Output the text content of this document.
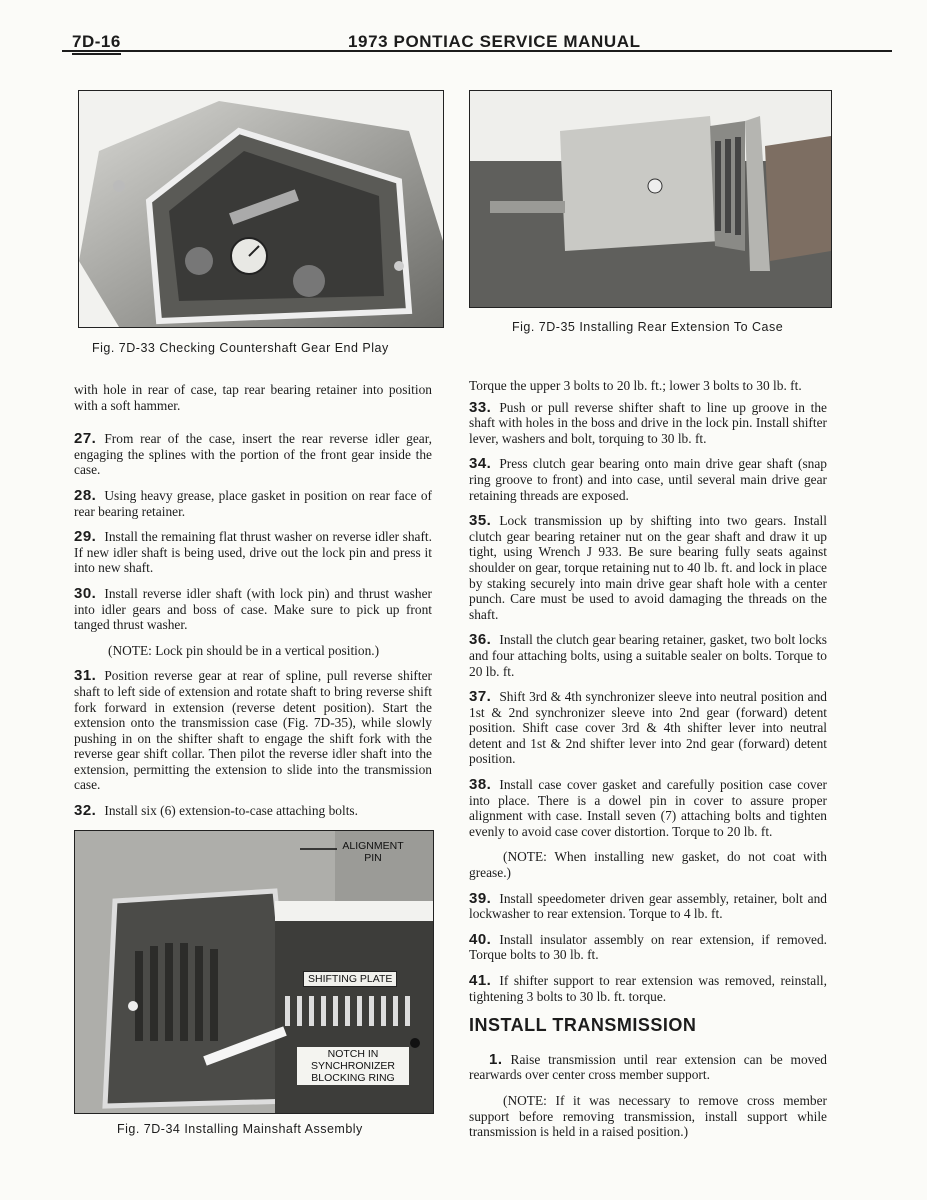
7D-16	1973 PONTIAC SERVICE MANUAL
Fig. 7D-33 Checking Countershaft Gear End Play
Fig. 7D-35 Installing Rear Extension To Case
ALIGNMENT PIN
SHIFTING PLATE
NOTCH IN SYNCHRONIZER BLOCKING RING
Fig. 7D-34 Installing Mainshaft Assembly

with hole in rear of case, tap rear bearing retainer into position with a soft hammer.

27. From rear of the case, insert the rear reverse idler gear, engaging the splines with the portion of the front gear inside the case.

28. Using heavy grease, place gasket in position on rear face of rear bearing retainer.

29. Install the remaining flat thrust washer on reverse idler shaft. If new idler shaft is being used, drive out the lock pin and press it into new shaft.

30. Install reverse idler shaft (with lock pin) and thrust washer into idler gears and boss of case. Make sure to pick up front tanged thrust washer.

(NOTE: Lock pin should be in a vertical position.)

31. Position reverse gear at rear of spline, pull reverse shifter shaft to left side of extension and rotate shaft to bring reverse shift fork forward in extension (reverse detent position). Start the extension onto the transmission case (Fig. 7D-35), while slowly pushing in on the shifter shaft to engage the shift fork with the reverse gear shift collar. Then pilot the reverse idler shaft into the extension, permitting the extension to slide into the transmission case.

32. Install six (6) extension-to-case attaching bolts.

Torque the upper 3 bolts to 20 lb. ft.; lower 3 bolts to 30 lb. ft.

33. Push or pull reverse shifter shaft to line up groove in the shaft with holes in the boss and drive in the lock pin. Install shifter lever, washers and bolt, torquing to 30 lb. ft.

34. Press clutch gear bearing onto main drive gear shaft (snap ring groove to front) and into case, until several main drive gear retaining threads are exposed.

35. Lock transmission up by shifting into two gears. Install clutch gear bearing retainer nut on the gear shaft and draw it up tight, using Wrench J 933. Be sure bearing fully seats against shoulder on gear, torque retaining nut to 40 lb. ft. and lock in place by staking securely into main drive gear shaft hole with a center punch. Care must be used to avoid damaging the threads on the shaft.

36. Install the clutch gear bearing retainer, gasket, two bolt locks and four attaching bolts, using a suitable sealer on bolts. Torque to 20 lb. ft.

37. Shift 3rd & 4th synchronizer sleeve into neutral position and 1st & 2nd synchronizer sleeve into 2nd gear (forward) detent position. Shift case cover 3rd & 4th shifter lever into neutral detent and 1st & 2nd shifter lever into 2nd gear (forward) detent position.

38. Install case cover gasket and carefully position case cover into place. There is a dowel pin in cover to assure proper alignment with case. Install seven (7) attaching bolts and tighten evenly to avoid case cover distortion. Torque to 20 lb. ft.

(NOTE: When installing new gasket, do not coat with grease.)

39. Install speedometer driven gear assembly, retainer, bolt and lockwasher to rear extension. Torque to 4 lb. ft.

40. Install insulator assembly on rear extension, if removed. Torque bolts to 30 lb. ft.

41. If shifter support to rear extension was removed, reinstall, tightening 3 bolts to 30 lb. ft. torque.

INSTALL TRANSMISSION

1. Raise transmission until rear extension can be moved rearwards over center cross member support.

(NOTE: If it was necessary to remove cross member support before removing transmission, install support while transmission is held in a raised position.)
